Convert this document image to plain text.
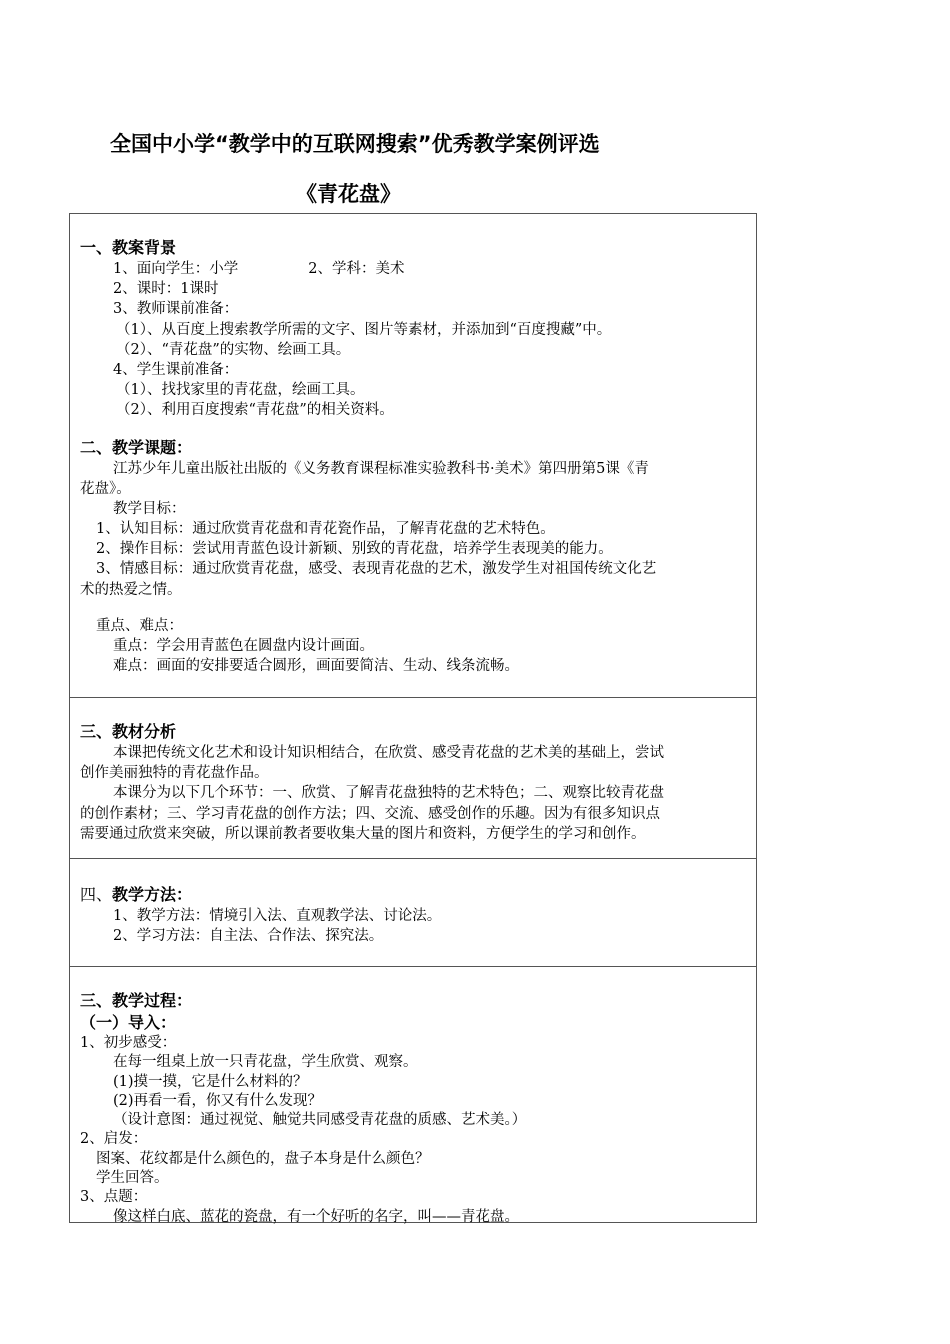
全国中小学“教学中的互联网搜索”优秀教学案例评选
《青花盘》
一、教案背景
1、面向学生：小学	2、学科：美术
2、课时：1课时
3、教师课前准备：
（1）、从百度上搜索教学所需的文字、图片等素材，并添加到“百度搜藏”中。
（2）、“青花盘”的实物、绘画工具。
4、学生课前准备：
（1）、找找家里的青花盘，绘画工具。
（2）、利用百度搜索“青花盘”的相关资料。
二、教学课题：
江苏少年儿童出版社出版的《义务教育课程标准实验教科书·美术》第四册第5课《青
花盘》。
教学目标：
1、认知目标：通过欣赏青花盘和青花瓷作品，了解青花盘的艺术特色。
2、操作目标：尝试用青蓝色设计新颖、别致的青花盘，培养学生表现美的能力。
3、情感目标：通过欣赏青花盘，感受、表现青花盘的艺术，激发学生对祖国传统文化艺
术的热爱之情。
重点、难点：
重点：学会用青蓝色在圆盘内设计画面。
难点：画面的安排要适合圆形，画面要简洁、生动、线条流畅。
三、教材分析
本课把传统文化艺术和设计知识相结合，在欣赏、感受青花盘的艺术美的基础上，尝试
创作美丽独特的青花盘作品。
本课分为以下几个环节：一、欣赏、了解青花盘独特的艺术特色；二、观察比较青花盘
的创作素材；三、学习青花盘的创作方法；四、交流、感受创作的乐趣。因为有很多知识点
需要通过欣赏来突破，所以课前教者要收集大量的图片和资料，方便学生的学习和创作。
四、教学方法：
1、教学方法：情境引入法、直观教学法、讨论法。
2、学习方法：自主法、合作法、探究法。
三、教学过程：
（一）导入：
1、初步感受：
在每一组桌上放一只青花盘，学生欣赏、观察。
(1)摸一摸，它是什么材料的？
(2)再看一看，你又有什么发现？
（设计意图：通过视觉、触觉共同感受青花盘的质感、艺术美。）
2、启发：
图案、花纹都是什么颜色的，盘子本身是什么颜色？
学生回答。
3、点题：
像这样白底、蓝花的瓷盘，有一个好听的名字，叫——青花盘。
